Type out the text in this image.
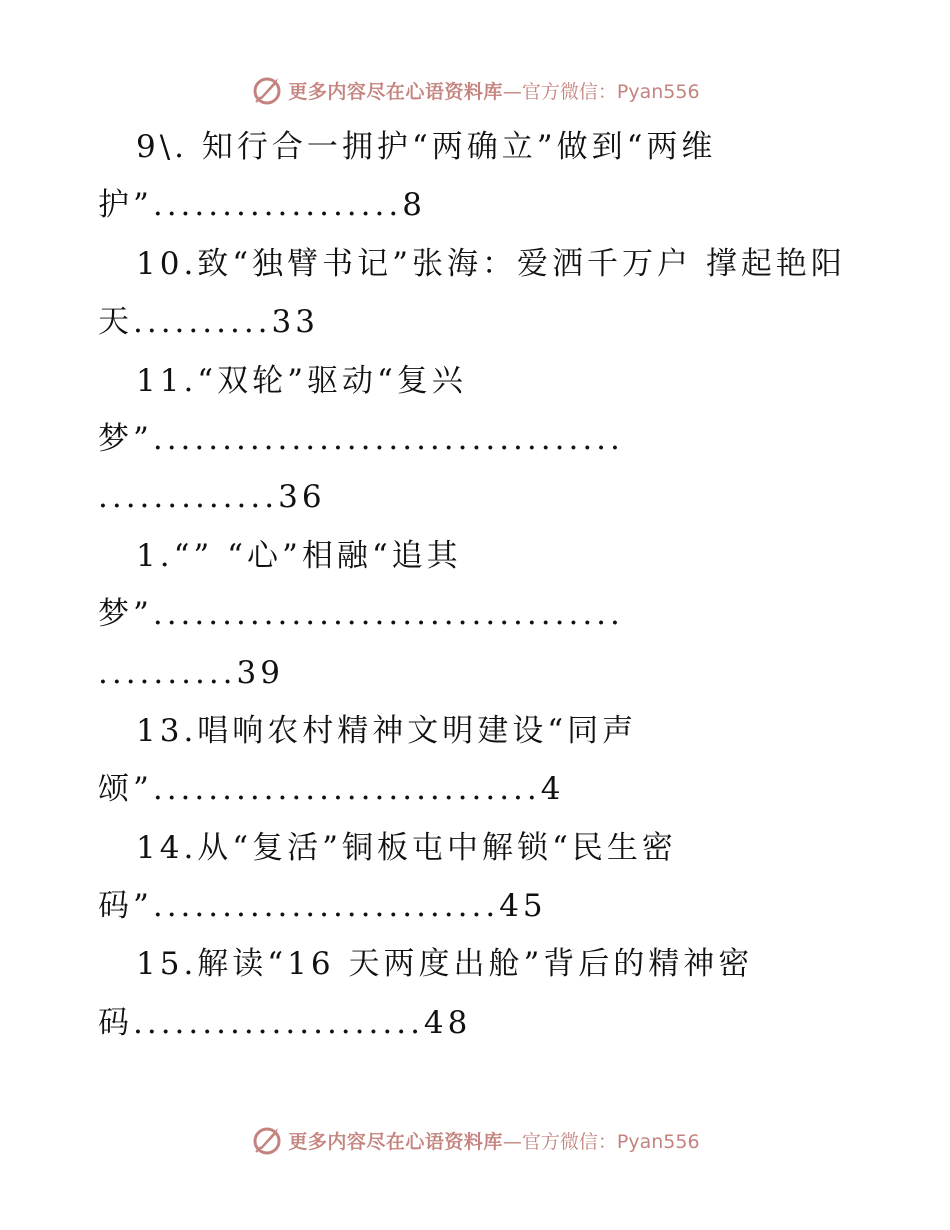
更多内容尽在心语资料库 —官方微信：Pyan556
9\. 知行合一拥护“两确立”做到“两维
护”..................8
10.致“独臂书记”张海：爱洒千万户 撑起艳阳
天..........33
11.“双轮”驱动“复兴
梦”..................................
.............36
1.“” “心”相融“追其
梦”..................................
..........39
13.唱响农村精神文明建设“同声
颂”............................4
14.从“复活”铜板屯中解锁“民生密
码”.........................45
15.解读“16 天两度出舱”背后的精神密
码.....................48
更多内容尽在心语资料库 —官方微信：Pyan556
